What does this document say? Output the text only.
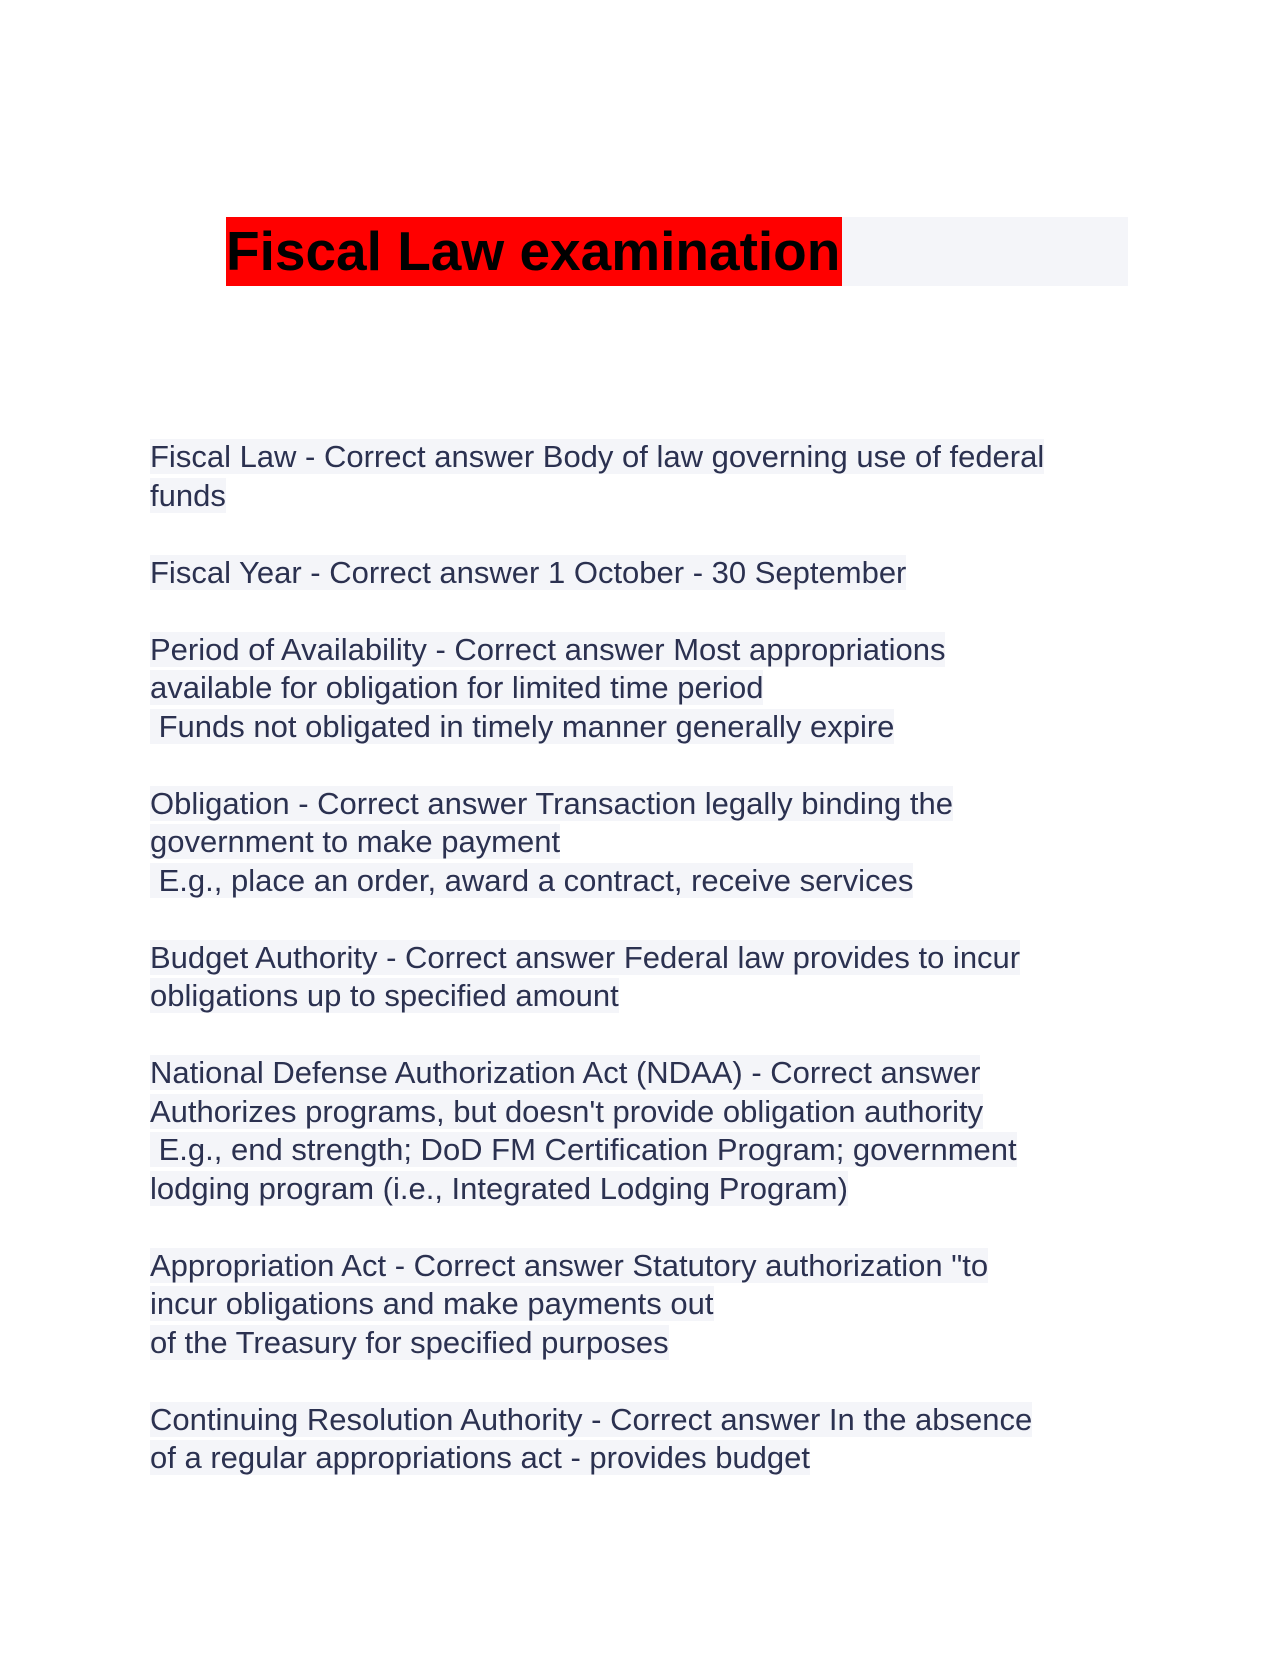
Fiscal Law examination
Fiscal Law - Correct answer Body of law governing use of federal
funds
Fiscal Year - Correct answer 1 October - 30 September
Period of Availability - Correct answer Most appropriations
available for obligation for limited time period
Funds not obligated in timely manner generally expire
Obligation - Correct answer Transaction legally binding the
government to make payment
E.g., place an order, award a contract, receive services
Budget Authority - Correct answer Federal law provides to incur
obligations up to specified amount
National Defense Authorization Act (NDAA) - Correct answer
Authorizes programs, but doesn't provide obligation authority
E.g., end strength; DoD FM Certification Program; government
lodging program (i.e., Integrated Lodging Program)
Appropriation Act - Correct answer Statutory authorization "to
incur obligations and make payments out
of the Treasury for specified purposes
Continuing Resolution Authority - Correct answer In the absence
of a regular appropriations act - provides budget
